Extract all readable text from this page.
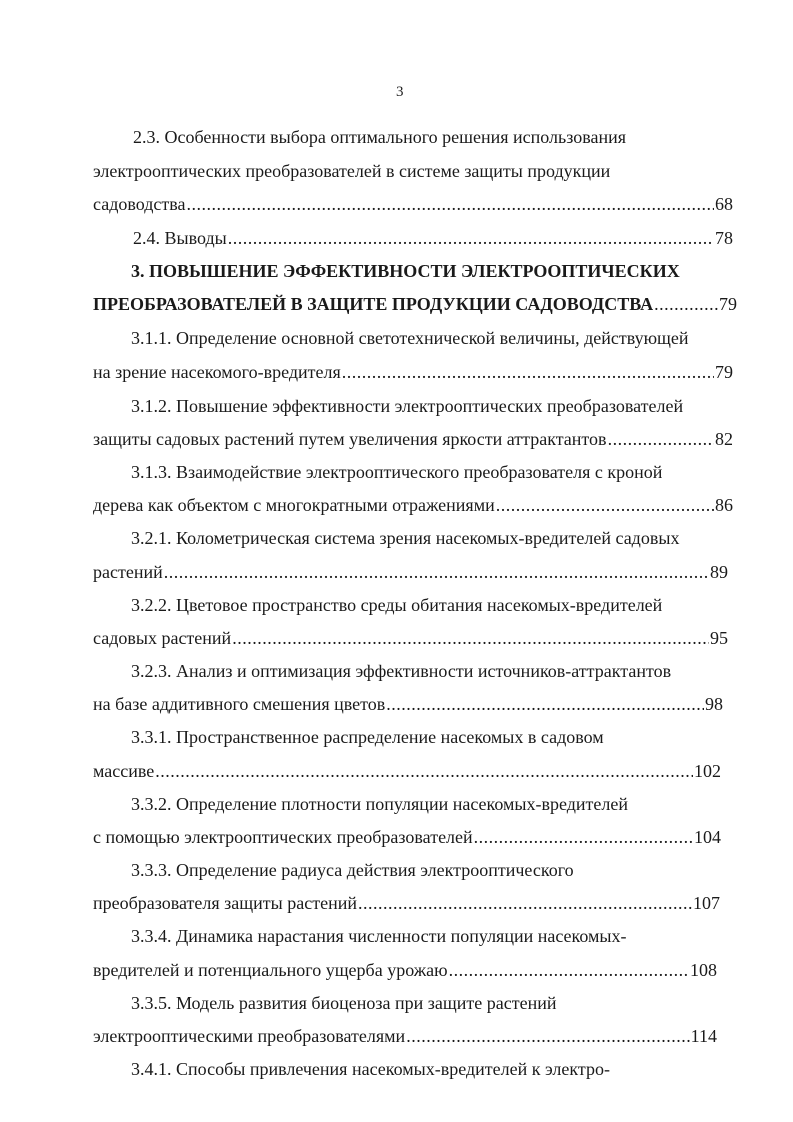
3
2.3. Особенности выбора оптимального решения использования
электрооптических преобразователей в системе защиты продукции
садоводства .....	68
2.4. Выводы .....	78
3. ПОВЫШЕНИЕ ЭФФЕКТИВНОСТИ ЭЛЕКТРООПТИЧЕСКИХ
ПРЕОБРАЗОВАТЕЛЕЙ В ЗАЩИТЕ ПРОДУКЦИИ САДОВОДСТВА .....	79
3.1.1. Определение основной светотехнической величины, действующей
на зрение насекомого-вредителя .....	79
3.1.2. Повышение эффективности электрооптических преобразователей
защиты садовых растений путем увеличения яркости аттрактантов .....	82
3.1.3. Взаимодействие электрооптического преобразователя с кроной
дерева как объектом с многократными отражениями .....	86
3.2.1. Колометрическая система зрения насекомых-вредителей садовых
растений .....	89
3.2.2. Цветовое пространство среды обитания насекомых-вредителей
садовых растений .....	95
3.2.3. Анализ и оптимизация эффективности источников-аттрактантов
на базе аддитивного смешения цветов .....	98
3.3.1. Пространственное распределение насекомых в садовом
массиве .....	102
3.3.2. Определение плотности популяции насекомых-вредителей
с помощью электрооптических преобразователей .....	104
3.3.3. Определение радиуса действия электрооптического
преобразователя защиты растений .....	107
3.3.4. Динамика нарастания численности популяции насекомых-
вредителей и потенциального ущерба урожаю .....	108
3.3.5. Модель развития биоценоза при защите растений
электрооптическими преобразователями .....	114
3.4.1. Способы привлечения насекомых-вредителей к электро-
